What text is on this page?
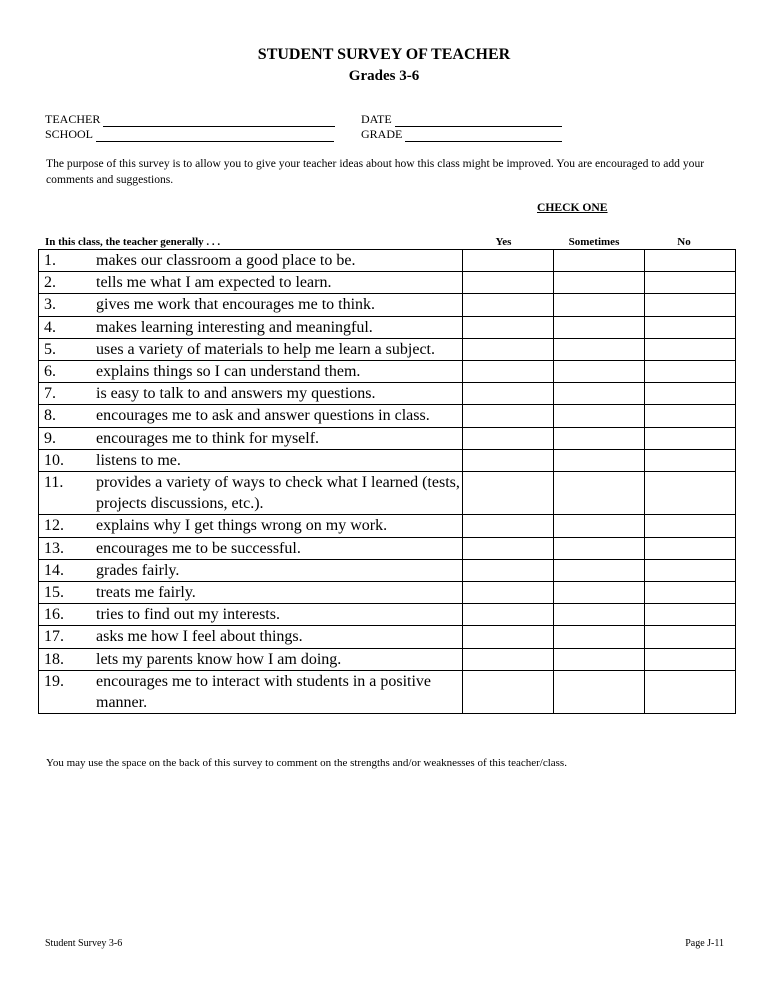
STUDENT SURVEY OF TEACHER
Grades 3-6
TEACHER
SCHOOL
DATE
GRADE
The purpose of this survey is to allow you to give your teacher ideas about how this class might be improved. You are encouraged to add your comments and suggestions.
CHECK ONE
In this class, the teacher generally . . .	Yes	Sometimes	No
1.	makes our classroom a good place to be.			
2.	tells me what I am expected to learn.			
3.	gives me work that encourages me to think.			
4.	makes learning interesting and meaningful.			
5.	uses a variety of materials to help me learn a subject.			
6.	explains things so I can understand them.			
7.	is easy to talk to and answers my questions.			
8.	encourages me to ask and answer questions in class.			
9.	encourages me to think for myself.			
10.	listens to me.			
11.	provides a variety of ways to check what I learned (tests, projects discussions, etc.).			
12.	explains why I get things wrong on my work.			
13.	encourages me to be successful.			
14.	grades fairly.			
15.	treats me fairly.			
16.	tries to find out my interests.			
17.	asks me how I feel about things.			
18.	lets my parents know how I am doing.			
19.	encourages me to interact with students in a positive manner.			
You may use the space on the back of this survey to comment on the strengths and/or weaknesses of this teacher/class.
Student Survey 3-6	Page J-11
